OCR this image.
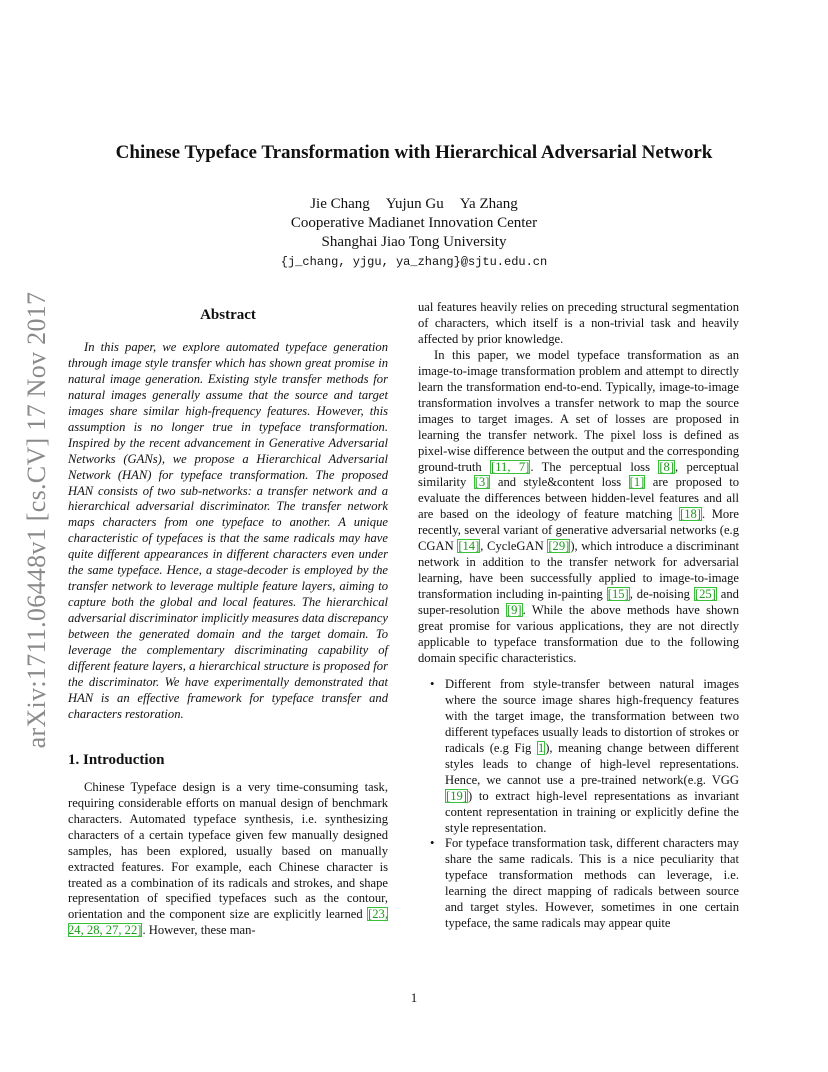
arXiv:1711.06448v1 [cs.CV] 17 Nov 2017
Chinese Typeface Transformation with Hierarchical Adversarial Network
Jie Chang Yujun Gu Ya Zhang
Cooperative Madianet Innovation Center
Shanghai Jiao Tong University
{j_chang, yjgu, ya_zhang}@sjtu.edu.cn
Abstract

In this paper, we explore automated typeface generation through image style transfer which has shown great promise in natural image generation. Existing style transfer methods for natural images generally assume that the source and target images share similar high-frequency features. However, this assumption is no longer true in typeface transformation. Inspired by the recent advancement in Generative Adversarial Networks (GANs), we propose a Hierarchical Adversarial Network (HAN) for typeface transformation. The proposed HAN consists of two sub-networks: a transfer network and a hierarchical adversarial discriminator. The transfer network maps characters from one typeface to another. A unique characteristic of typefaces is that the same radicals may have quite different appearances in different characters even under the same typeface. Hence, a stage-decoder is employed by the transfer network to leverage multiple feature layers, aiming to capture both the global and local features. The hierarchical adversarial discriminator implicitly measures data discrepancy between the generated domain and the target domain. To leverage the complementary discriminating capability of different feature layers, a hierarchical structure is proposed for the discriminator. We have experimentally demonstrated that HAN is an effective framework for typeface transfer and characters restoration.

1. Introduction

Chinese Typeface design is a very time-consuming task, requiring considerable efforts on manual design of benchmark characters. Automated typeface synthesis, i.e. synthesizing characters of a certain typeface given few manually designed samples, has been explored, usually based on manually extracted features. For example, each Chinese character is treated as a combination of its radicals and strokes, and shape representation of specified typefaces such as the contour, orientation and the component size are explicitly learned [23, 24, 28, 27, 22]. However, these man-

ual features heavily relies on preceding structural segmentation of characters, which itself is a non-trivial task and heavily affected by prior knowledge.

In this paper, we model typeface transformation as an image-to-image transformation problem and attempt to directly learn the transformation end-to-end. Typically, image-to-image transformation involves a transfer network to map the source images to target images. A set of losses are proposed in learning the transfer network. The pixel loss is defined as pixel-wise difference between the output and the corresponding ground-truth [11, 7]. The perceptual loss [8], perceptual similarity [3] and style&content loss [1] are proposed to evaluate the differences between hidden-level features and all are based on the ideology of feature matching [18]. More recently, several variant of generative adversarial networks (e.g CGAN [14], CycleGAN [29]), which introduce a discriminant network in addition to the transfer network for adversarial learning, have been successfully applied to image-to-image transformation including in-painting [15], de-noising [25] and super-resolution [9]. While the above methods have shown great promise for various applications, they are not directly applicable to typeface transformation due to the following domain specific characteristics.

• Different from style-transfer between natural images where the source image shares high-frequency features with the target image, the transformation between two different typefaces usually leads to distortion of strokes or radicals (e.g Fig 1), meaning change between different styles leads to change of high-level representations. Hence, we cannot use a pre-trained network(e.g. VGG [19]) to extract high-level representations as invariant content representation in training or explicitly define the style representation.

• For typeface transformation task, different characters may share the same radicals. This is a nice peculiarity that typeface transformation methods can leverage, i.e. learning the direct mapping of radicals between source and target styles. However, sometimes in one certain typeface, the same radicals may appear quite

1
